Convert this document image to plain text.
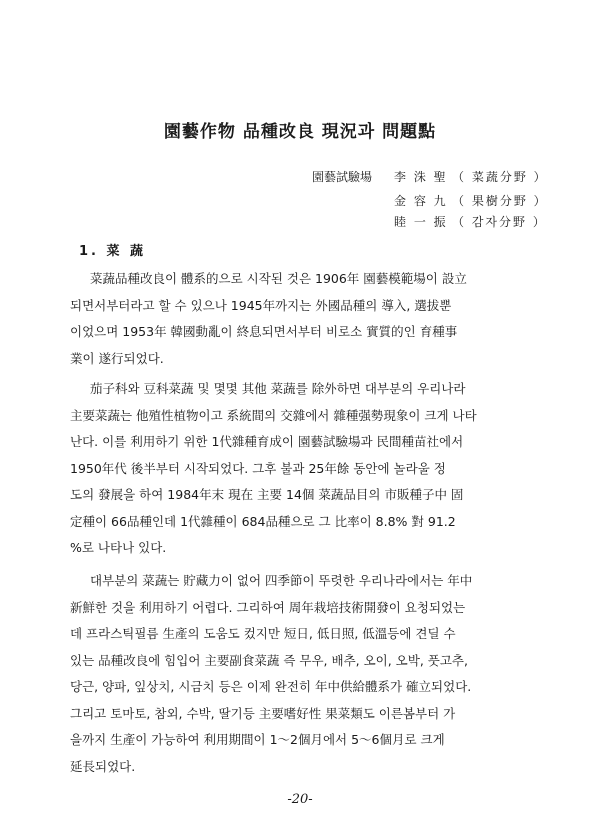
園藝作物 品種改良 現況과 問題點
園藝試驗場 李 洙 聖 （ 菜蔬分野 ）
金 容 九 （ 果樹分野 ）
睦 一 振 （ 감자分野 ）
1. 菜 蔬
菜蔬品種改良이 體系的으로 시작된 것은 1906年 園藝模範場이 設立
되면서부터라고 할 수 있으나 1945年까지는 外國品種의 導入, 選拔뿐
이었으며 1953年 韓國動亂이 終息되면서부터 비로소 實質的인 育種事
業이 遂行되었다.
茄子科와 豆科菜蔬 및 몇몇 其他 菜蔬를 除外하면 대부분의 우리나라
主要菜蔬는 他殖性植物이고 系統間의 交雜에서 雜種强勢現象이 크게 나타
난다. 이를 利用하기 위한 1代雜種育成이 園藝試驗場과 民間種苗社에서
1950年代 後半부터 시작되었다. 그후 불과 25年餘 동안에 놀라울 정
도의 發展을 하여 1984年末 現在 主要 14個 菜蔬品目의 市販種子中 固
定種이 66品種인데 1代雜種이 684品種으로 그 比率이 8.8% 對 91.2
%로 나타나 있다.
대부분의 菜蔬는 貯藏力이 없어 四季節이 뚜렷한 우리나라에서는 年中
新鮮한 것을 利用하기 어렵다. 그리하여 周年栽培技術開發이 요청되었는
데 프라스틱필름 生產의 도움도 컸지만 短日, 低日照, 低溫등에 견딜 수
있는 品種改良에 힘입어 主要副食菜蔬 즉 무우, 배추, 오이, 오박, 풋고추,
당근, 양파, 잎상치, 시금치 등은 이제 완전히 年中供給體系가 確立되었다.
그리고 토마토, 참외, 수박, 딸기등 主要嗜好性 果菜類도 이른봄부터 가
을까지 生產이 가능하여 利用期間이 1～2個月에서 5～6個月로 크게
延長되었다.
-20-
